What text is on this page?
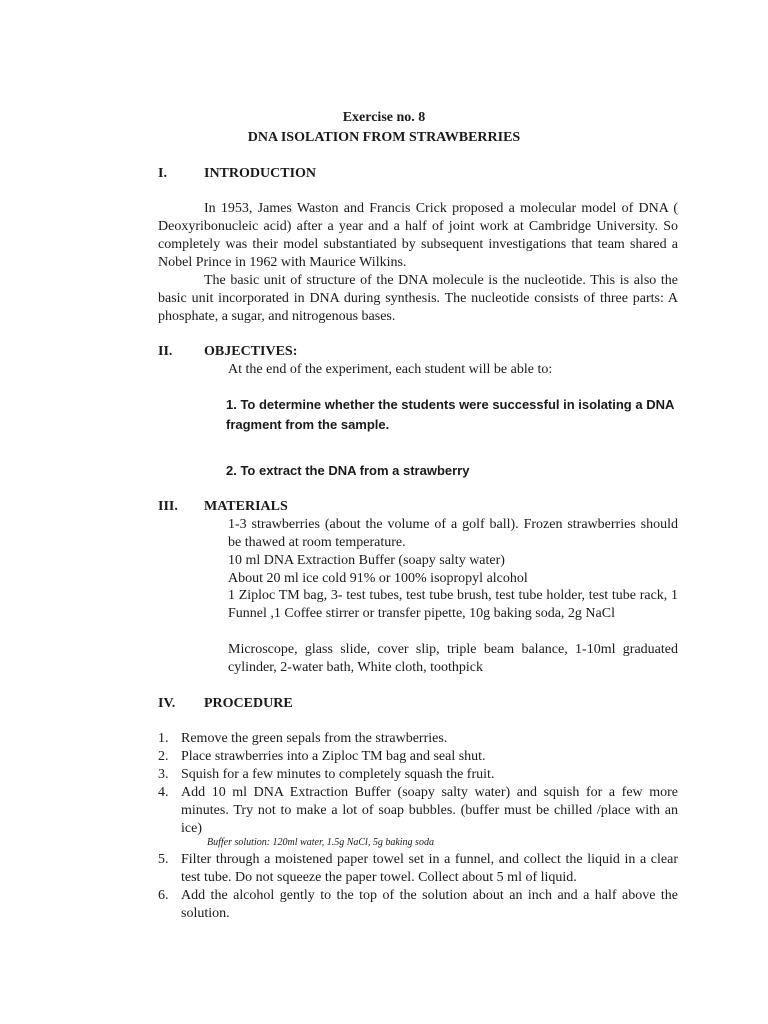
Exercise no. 8
DNA ISOLATION FROM STRAWBERRIES
I.	INTRODUCTION
In 1953, James Waston and Francis Crick proposed a molecular model of DNA ( Deoxyribonucleic acid) after a year and a half of joint work at Cambridge University. So completely was their model substantiated by subsequent investigations that team shared a Nobel Prince in 1962 with Maurice Wilkins.
The basic unit of structure of the DNA molecule is the nucleotide. This is also the basic unit incorporated in DNA during synthesis. The nucleotide consists of three parts: A phosphate, a sugar, and nitrogenous bases.
II. OBJECTIVES:
At the end of the experiment, each student will be able to:
1. To determine whether the students were successful in isolating a DNA fragment from the sample.
2. To extract the DNA from a strawberry
III. MATERIALS
1-3 strawberries (about the volume of a golf ball). Frozen strawberries should be thawed at room temperature.
10 ml DNA Extraction Buffer (soapy salty water)
About 20 ml ice cold 91% or 100% isopropyl alcohol
1 Ziploc TM bag, 3- test tubes, test tube brush, test tube holder, test tube rack, 1 Funnel ,1 Coffee stirrer or transfer pipette, 10g baking soda, 2g NaCl
Microscope, glass slide, cover slip, triple beam balance, 1-10ml graduated cylinder, 2-water bath, White cloth, toothpick
IV. PROCEDURE
1. Remove the green sepals from the strawberries.
2. Place strawberries into a Ziploc TM bag and seal shut.
3. Squish for a few minutes to completely squash the fruit.
4. Add 10 ml DNA Extraction Buffer (soapy salty water) and squish for a few more minutes. Try not to make a lot of soap bubbles. (buffer must be chilled /place with an ice)
Buffer solution: 120ml water, 1.5g NaCl, 5g baking soda
5. Filter through a moistened paper towel set in a funnel, and collect the liquid in a clear test tube. Do not squeeze the paper towel. Collect about 5 ml of liquid.
6. Add the alcohol gently to the top of the solution about an inch and a half above the solution.
